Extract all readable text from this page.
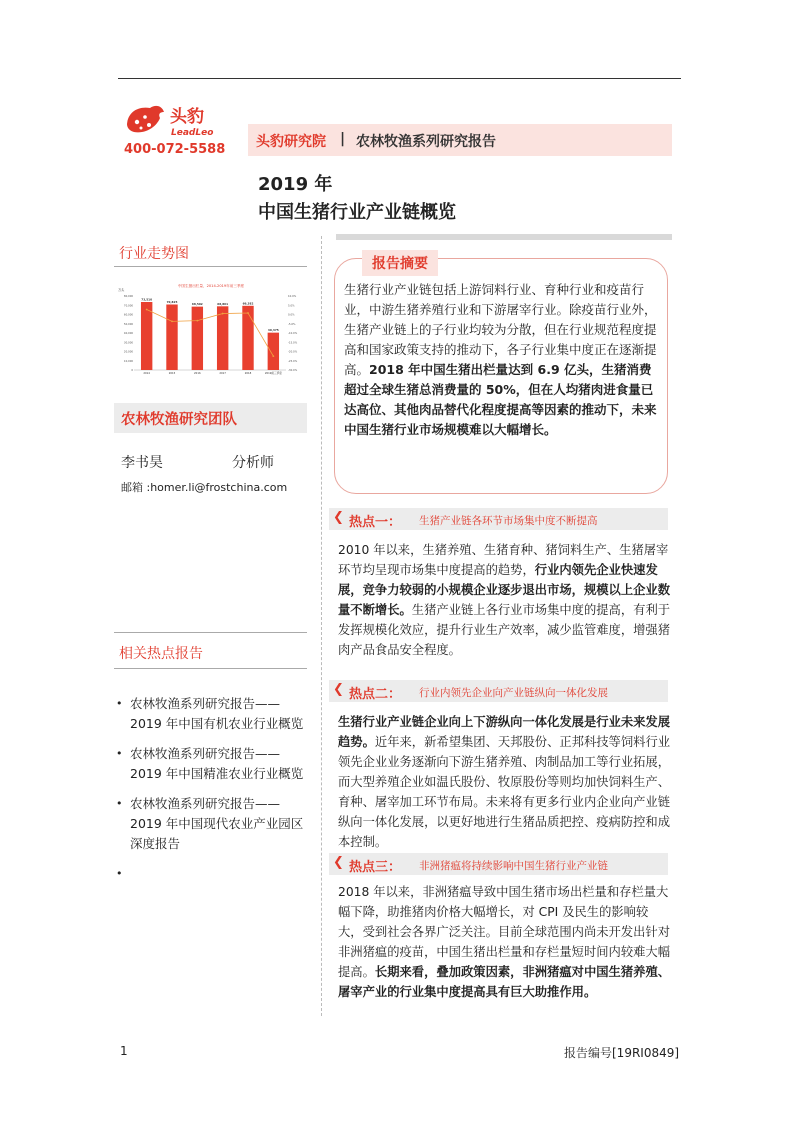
头豹
LeadLeo
400-072-5588 头豹研究院 | 农林牧渔系列研究报告
2019 年
中国生猪行业产业链概览
行业走势图
中国生猪出栏量，2014-2019年前三季度
万头
0
10,000
20,000
30,000
40,000
50,000
60,000
70,000
80,000
-30.0%
-25.0%
-20.0%
-15.0%
-10.0%
-5.0%
0.0%
5.0%
10.0%
73,510
2014
70,825
2015
68,502
2016
68,861
2017
69,382
2018
40,375
2019前三季度
农林牧渔研究团队
李书昊	分析师
邮箱 :homer.li@frostchina.com
相关热点报告
• 农林牧渔系列研究报告——2019 年中国有机农业行业概览
• 农林牧渔系列研究报告——2019 年中国精准农业行业概览
• 农林牧渔系列研究报告——2019 年中国现代农业产业园区深度报告
报告摘要
生猪行业产业链包括上游饲料行业、育种行业和疫苗行业，中游生猪养殖行业和下游屠宰行业。除疫苗行业外，生猪产业链上的子行业均较为分散，但在行业规范程度提高和国家政策支持的推动下，各子行业集中度正在逐渐提高。2018 年中国生猪出栏量达到 6.9 亿头，生猪消费超过全球生猪总消费量的 50%，但在人均猪肉进食量已达高位、其他肉品替代化程度提高等因素的推动下，未来中国生猪行业市场规模难以大幅增长。
❮ 热点一： 生猪产业链各环节市场集中度不断提高
2010 年以来，生猪养殖、生猪育种、猪饲料生产、生猪屠宰环节均呈现市场集中度提高的趋势，行业内领先企业快速发展，竞争力较弱的小规模企业逐步退出市场，规模以上企业数量不断增长。生猪产业链上各行业市场集中度的提高，有利于发挥规模化效应，提升行业生产效率，减少监管难度，增强猪肉产品食品安全程度。
❮ 热点二： 行业内领先企业向产业链纵向一体化发展
生猪行业产业链企业向上下游纵向一体化发展是行业未来发展趋势。近年来，新希望集团、天邦股份、正邦科技等饲料行业领先企业业务逐渐向下游生猪养殖、肉制品加工等行业拓展，而大型养殖企业如温氏股份、牧原股份等则均加快饲料生产、育种、屠宰加工环节布局。未来将有更多行业内企业向产业链纵向一体化发展，以更好地进行生猪品质把控、疫病防控和成本控制。
❮ 热点三： 非洲猪瘟将持续影响中国生猪行业产业链
2018 年以来，非洲猪瘟导致中国生猪市场出栏量和存栏量大幅下降，助推猪肉价格大幅增长，对 CPI 及民生的影响较大，受到社会各界广泛关注。目前全球范围内尚未开发出针对非洲猪瘟的疫苗，中国生猪出栏量和存栏量短时间内较难大幅提高。长期来看，叠加政策因素，非洲猪瘟对中国生猪养殖、屠宰产业的行业集中度提高具有巨大助推作用。
1	报告编号[19RI0849]
